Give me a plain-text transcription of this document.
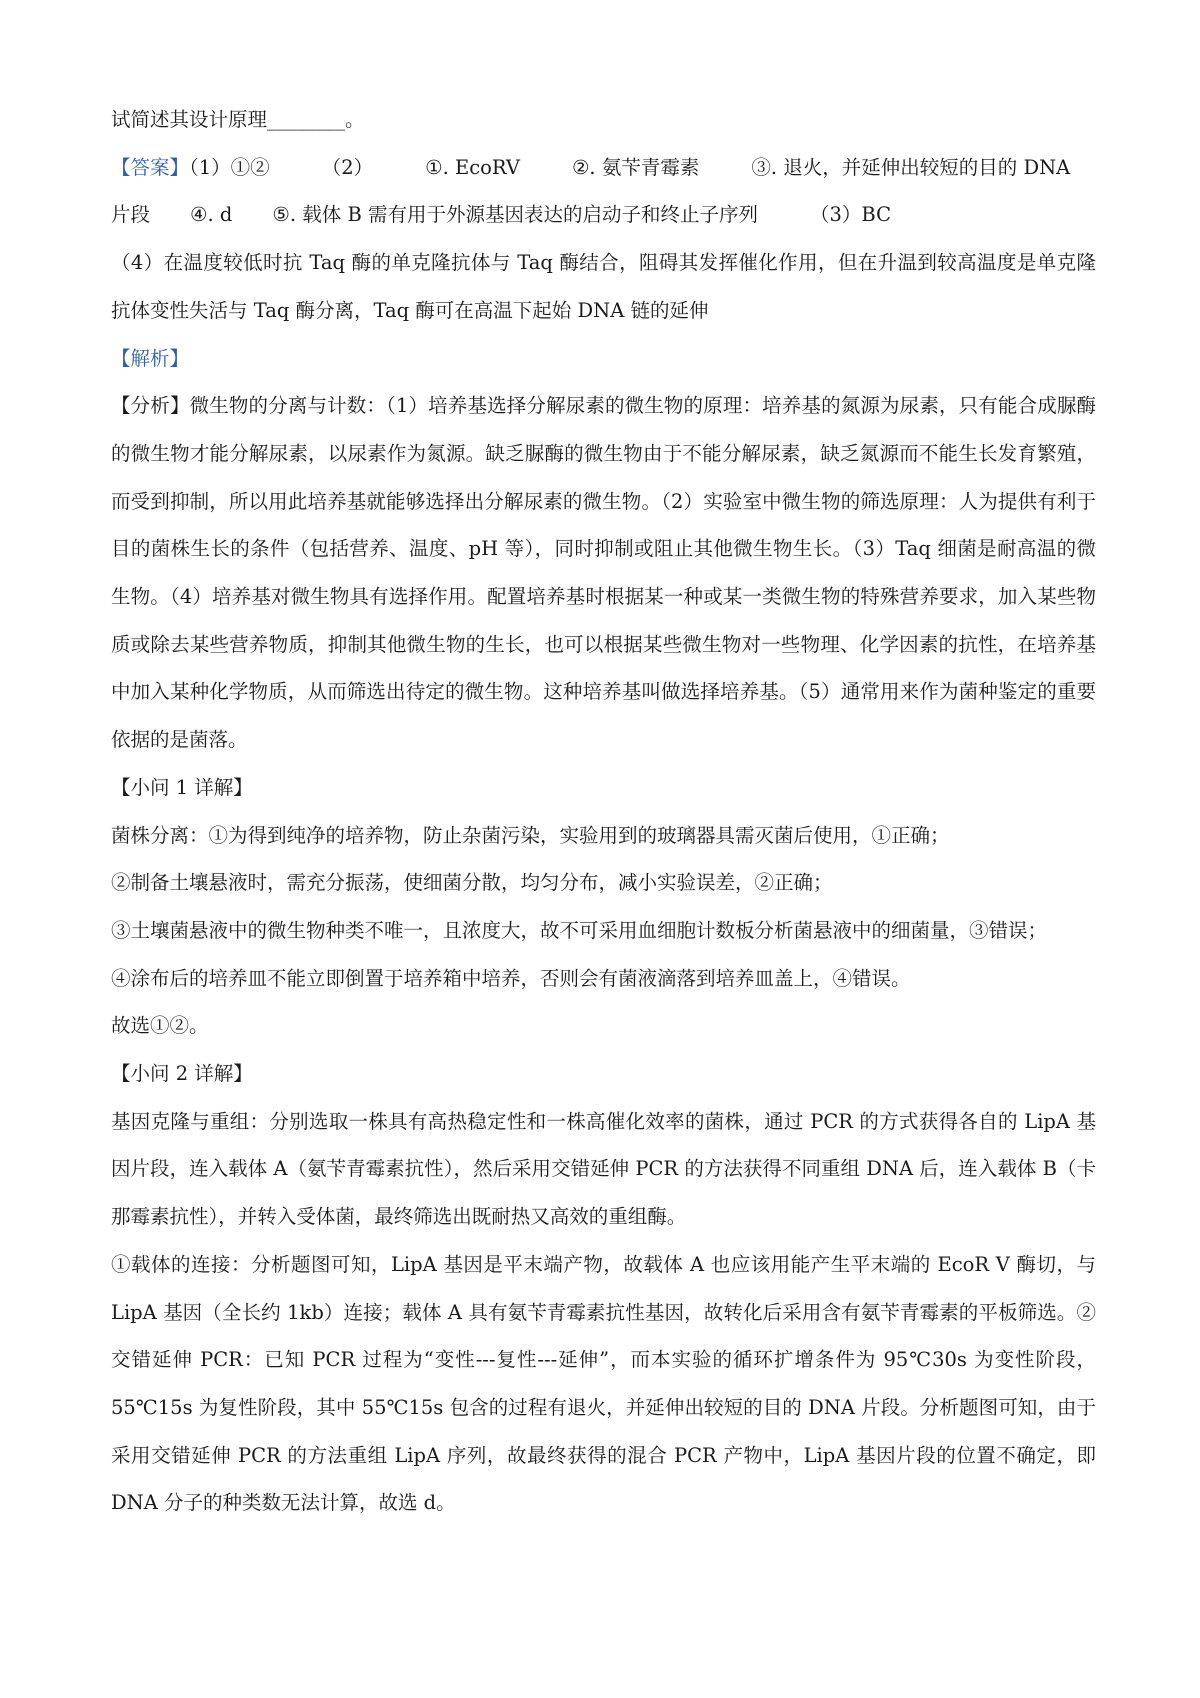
试简述其设计原理________。

【答案】（1）①②	（2）	①. EcoRV	②. 氨苄青霉素	③. 退火，并延伸出较短的目的 DNA

片段 ④. d ⑤. 载体 B 需有用于外源基因表达的启动子和终止子序列	（3）BC

（4）在温度较低时抗 Taq 酶的单克隆抗体与 Taq 酶结合，阻碍其发挥催化作用，但在升温到较高温度是单克隆抗体变性失活与 Taq 酶分离，Taq 酶可在高温下起始 DNA 链的延伸

【解析】

【分析】微生物的分离与计数：（1）培养基选择分解尿素的微生物的原理：培养基的氮源为尿素，只有能合成脲酶的微生物才能分解尿素，以尿素作为氮源。缺乏脲酶的微生物由于不能分解尿素，缺乏氮源而不能生长发育繁殖，而受到抑制，所以用此培养基就能够选择出分解尿素的微生物。（2）实验室中微生物的筛选原理：人为提供有利于目的菌株生长的条件（包括营养、温度、pH 等），同时抑制或阻止其他微生物生长。（3）Taq 细菌是耐高温的微生物。（4）培养基对微生物具有选择作用。配置培养基时根据某一种或某一类微生物的特殊营养要求，加入某些物质或除去某些营养物质，抑制其他微生物的生长，也可以根据某些微生物对一些物理、化学因素的抗性，在培养基中加入某种化学物质，从而筛选出待定的微生物。这种培养基叫做选择培养基。（5）通常用来作为菌种鉴定的重要依据的是菌落。

【小问 1 详解】

菌株分离：①为得到纯净的培养物，防止杂菌污染，实验用到的玻璃器具需灭菌后使用，①正确；

②制备土壤悬液时，需充分振荡，使细菌分散，均匀分布，减小实验误差，②正确；

③土壤菌悬液中的微生物种类不唯一，且浓度大，故不可采用血细胞计数板分析菌悬液中的细菌量，③错误；

④涂布后的培养皿不能立即倒置于培养箱中培养，否则会有菌液滴落到培养皿盖上，④错误。

故选①②。

【小问 2 详解】

基因克隆与重组：分别选取一株具有高热稳定性和一株高催化效率的菌株，通过 PCR 的方式获得各自的 LipA 基因片段，连入载体 A（氨苄青霉素抗性），然后采用交错延伸 PCR 的方法获得不同重组 DNA 后，连入载体 B（卡那霉素抗性），并转入受体菌，最终筛选出既耐热又高效的重组酶。

①载体的连接：分析题图可知，LipA 基因是平末端产物，故载体 A 也应该用能产生平末端的 EcoR V 酶切，与 LipA 基因（全长约 1kb）连接；载体 A 具有氨苄青霉素抗性基因，故转化后采用含有氨苄青霉素的平板筛选。②交错延伸 PCR：已知 PCR 过程为“变性---复性---延伸”，而本实验的循环扩增条件为 95℃30s 为变性阶段，55℃15s 为复性阶段，其中 55℃15s 包含的过程有退火，并延伸出较短的目的 DNA 片段。分析题图可知，由于采用交错延伸 PCR 的方法重组 LipA 序列，故最终获得的混合 PCR 产物中，LipA 基因片段的位置不确定，即 DNA 分子的种类数无法计算，故选 d。
